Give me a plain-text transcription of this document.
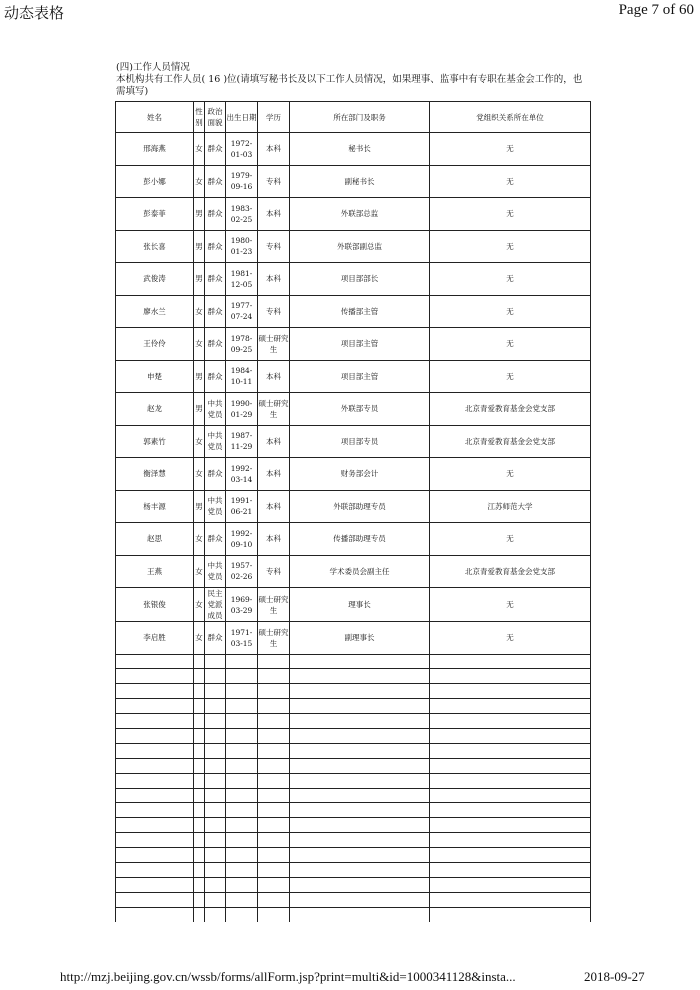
动态表格	Page 7 of 60
(四)工作人员情况
本机构共有工作人员( 16 )位(请填写秘书长及以下工作人员情况，如果理事、监事中有专职在基金会工作的，也需填写)
姓名	性别	政治面貌	出生日期	学历	所在部门及职务	党组织关系所在单位
邢海燕	女	群众	1972-01-03	本科	秘书长	无
彭小娜	女	群众	1979-09-16	专科	副秘书长	无
彭泰菲	男	群众	1983-02-25	本科	外联部总监	无
张长喜	男	群众	1980-01-23	专科	外联部副总监	无
武俊涛	男	群众	1981-12-05	本科	项目部部长	无
廖水兰	女	群众	1977-07-24	专科	传播部主管	无
王伶伶	女	群众	1978-09-25	硕士研究生	项目部主管	无
申楚	男	群众	1984-10-11	本科	项目部主管	无
赵龙	男	中共党员	1990-01-29	硕士研究生	外联部专员	北京青爱教育基金会党支部
郭素竹	女	中共党员	1987-11-29	本科	项目部专员	北京青爱教育基金会党支部
衡泽慧	女	群众	1992-03-14	本科	财务部会计	无
杨丰源	男	中共党员	1991-06-21	本科	外联部助理专员	江苏师范大学
赵思	女	群众	1992-09-10	本科	传播部助理专员	无
王燕	女	中共党员	1957-02-26	专科	学术委员会副主任	北京青爱教育基金会党支部
张银俊	女	民主党派成员	1969-03-29	硕士研究生	理事长	无
李启胜	女	群众	1971-03-15	硕士研究生	副理事长	无

http://mzj.beijing.gov.cn/wssb/forms/allForm.jsp?print=multi&id=1000341128&insta...	2018-09-27
